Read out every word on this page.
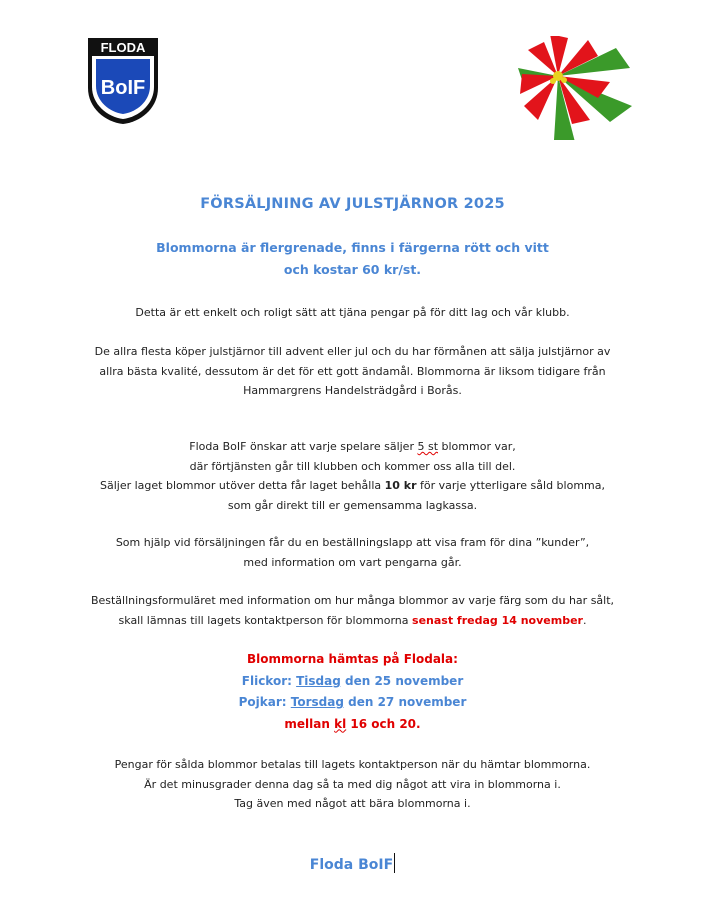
FLODA
BoIF
FÖRSÄLJNING AV JULSTJÄRNOR 2025
Blommorna är flergrenade, finns i färgerna rött och vitt
och kostar 60 kr/st.
Detta är ett enkelt och roligt sätt att tjäna pengar på för ditt lag och vår klubb.
De allra flesta köper julstjärnor till advent eller jul och du har förmånen att sälja julstjärnor av
allra bästa kvalité, dessutom är det för ett gott ändamål. Blommorna är liksom tidigare från
Hammargrens Handelsträdgård i Borås.
Floda BoIF önskar att varje spelare säljer 5 st blommor var,
där förtjänsten går till klubben och kommer oss alla till del.
Säljer laget blommor utöver detta får laget behålla 10 kr för varje ytterligare såld blomma,
som går direkt till er gemensamma lagkassa.
Som hjälp vid försäljningen får du en beställningslapp att visa fram för dina ”kunder”,
med information om vart pengarna går.
Beställningsformuläret med information om hur många blommor av varje färg som du har sålt,
skall lämnas till lagets kontaktperson för blommorna senast fredag 14 november.
Blommorna hämtas på Flodala:
Flickor: Tisdag den 25 november
Pojkar: Torsdag den 27 november
mellan kl 16 och 20.
Pengar för sålda blommor betalas till lagets kontaktperson när du hämtar blommorna.
Är det minusgrader denna dag så ta med dig något att vira in blommorna i.
Tag även med något att bära blommorna i.
Floda BoIF
